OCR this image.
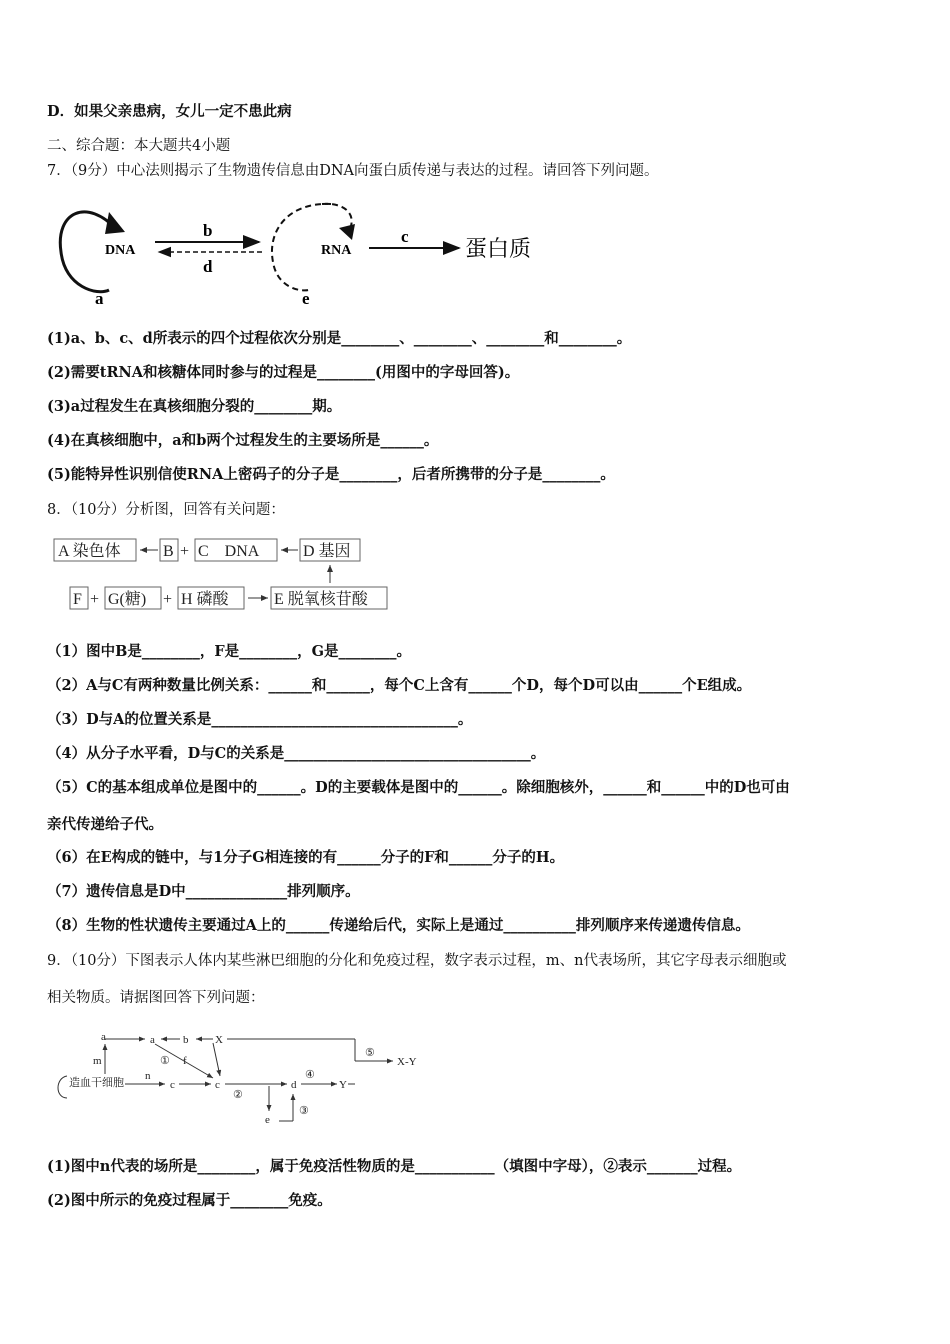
D．如果父亲患病，女儿一定不患此病
二、综合题：本大题共4小题
7．（9分）中心法则揭示了生物遗传信息由DNA向蛋白质传递与表达的过程。请回答下列问题。
DNA
a
b
d
RNA
e
c	蛋白质
(1)a、b、c、d所表示的四个过程依次分别是________、________、________和________。
(2)需要tRNA和核糖体同时参与的过程是________(用图中的字母回答)。
(3)a过程发生在真核细胞分裂的________期。
(4)在真核细胞中，a和b两个过程发生的主要场所是______。
(5)能特异性识别信使RNA上密码子的分子是________，后者所携带的分子是________。
8．（10分）分析图，回答有关问题：
A 染色体	B + C　DNA	D 基因
F + G(糖) + H 磷酸	E 脱氧核苷酸
（1）图中B是________，F是________，G是________。
（2）A与C有两种数量比例关系：______和______，每个C上含有______个D，每个D可以由______个E组成。
（3）D与A的位置关系是__________________________________。
（4）从分子水平看，D与C的关系是__________________________________。
（5）C的基本组成单位是图中的______。D的主要载体是图中的______。除细胞核外，______和______中的D也可由
亲代传递给子代。
（6）在E构成的链中，与1分子G相连接的有______分子的F和______分子的H。
（7）遗传信息是D中______________排列顺序。
（8）生物的性状遗传主要通过A上的______传递给后代，实际上是通过__________排列顺序来传递遗传信息。
9．（10分）下图表示人体内某些淋巴细胞的分化和免疫过程，数字表示过程，m、n代表场所，其它字母表示细胞或
相关物质。请据图回答下列问题：
造血干细胞
a
m
a	b X
⑤
X-Y
① f
n
c	c
②
d
④
Y
e
③
(1)图中n代表的场所是________，属于免疫活性物质的是___________（填图中字母），②表示_______过程。
(2)图中所示的免疫过程属于________免疫。
